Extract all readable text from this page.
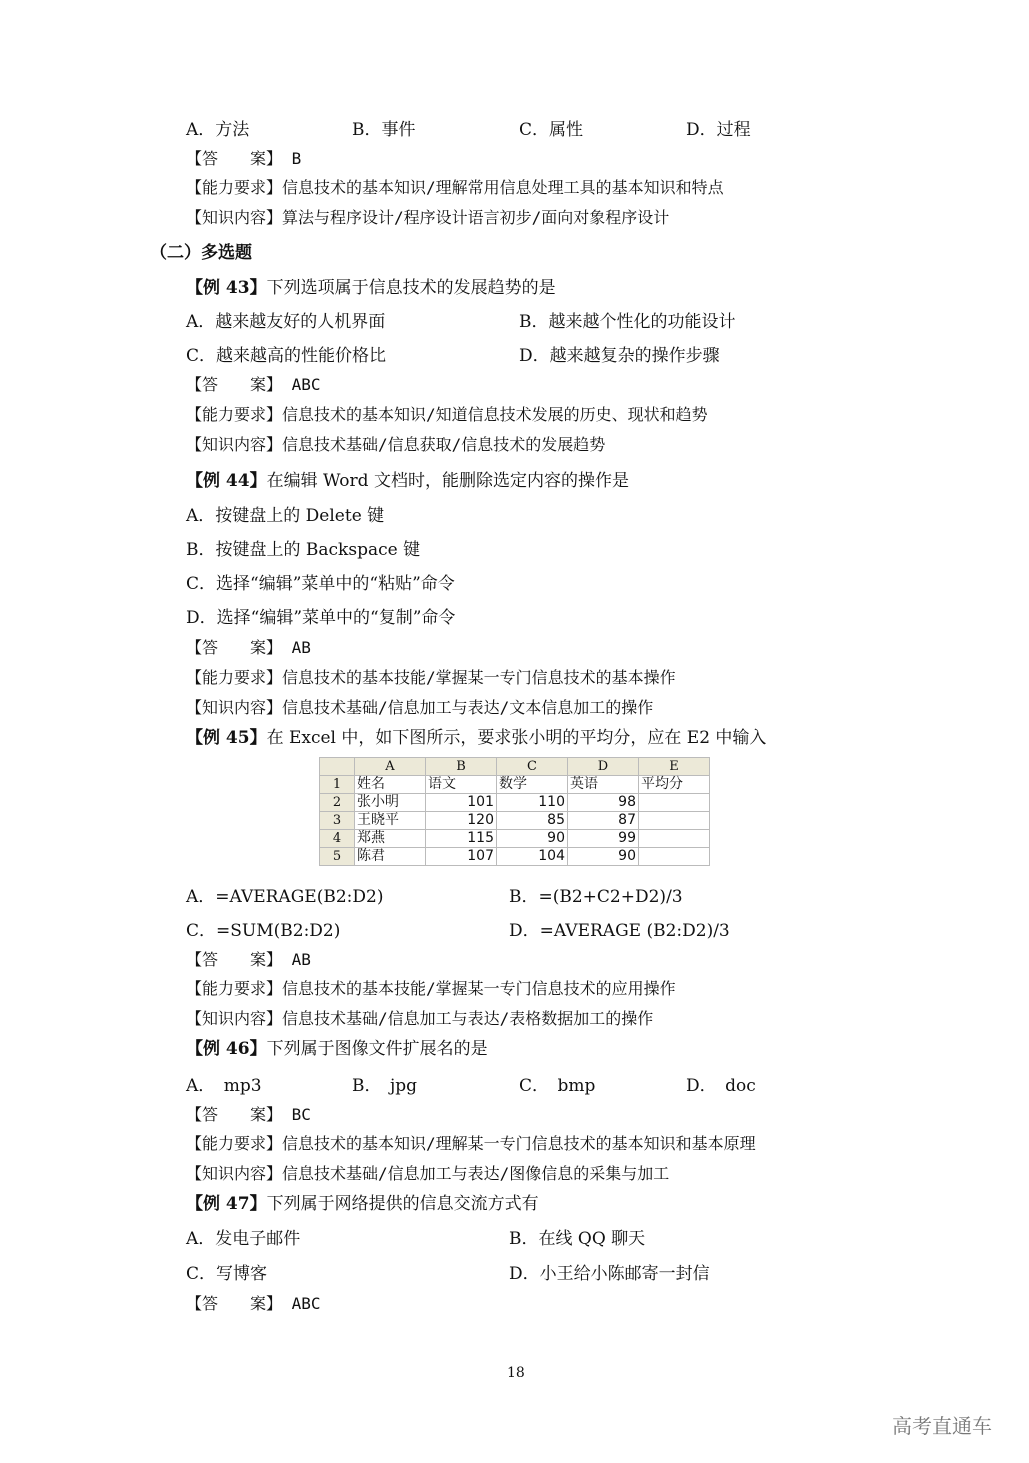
A．方法	B．事件	C．属性	D．过程
【答　　案】 B
【能力要求】信息技术的基本知识/理解常用信息处理工具的基本知识和特点
【知识内容】算法与程序设计/程序设计语言初步/面向对象程序设计
（二）多选题
【例 43】下列选项属于信息技术的发展趋势的是
A．越来越友好的人机界面	B．越来越个性化的功能设计
C．越来越高的性能价格比	D．越来越复杂的操作步骤
【答　　案】 ABC
【能力要求】信息技术的基本知识/知道信息技术发展的历史、现状和趋势
【知识内容】信息技术基础/信息获取/信息技术的发展趋势
【例 44】在编辑 Word 文档时，能删除选定内容的操作是
A．按键盘上的 Delete 键
B．按键盘上的 Backspace 键
C．选择“编辑”菜单中的“粘贴”命令
D．选择“编辑”菜单中的“复制”命令
【答　　案】 AB
【能力要求】信息技术的基本技能/掌握某一专门信息技术的基本操作
【知识内容】信息技术基础/信息加工与表达/文本信息加工的操作
【例 45】在 Excel 中，如下图所示，要求张小明的平均分，应在 E2 中输入
	A	B	C	D	E
1	姓名	语文	数学	英语	平均分
2	张小明	101	110	98	
3	王晓平	120	85	87	
4	郑燕	115	90	99	
5	陈君	107	104	90	
A．=AVERAGE(B2:D2)	B．=(B2+C2+D2)/3
C．=SUM(B2:D2)	D．=AVERAGE (B2:D2)/3
【答　　案】 AB
【能力要求】信息技术的基本技能/掌握某一专门信息技术的应用操作
【知识内容】信息技术基础/信息加工与表达/表格数据加工的操作
【例 46】下列属于图像文件扩展名的是
A．　mp3	B．　jpg	C．　bmp	D．　doc
【答　　案】 BC
【能力要求】信息技术的基本知识/理解某一专门信息技术的基本知识和基本原理
【知识内容】信息技术基础/信息加工与表达/图像信息的采集与加工
【例 47】下列属于网络提供的信息交流方式有
A．发电子邮件	B．在线 QQ 聊天
C．写博客	D．小王给小陈邮寄一封信
【答　　案】 ABC
18
高考直通车
